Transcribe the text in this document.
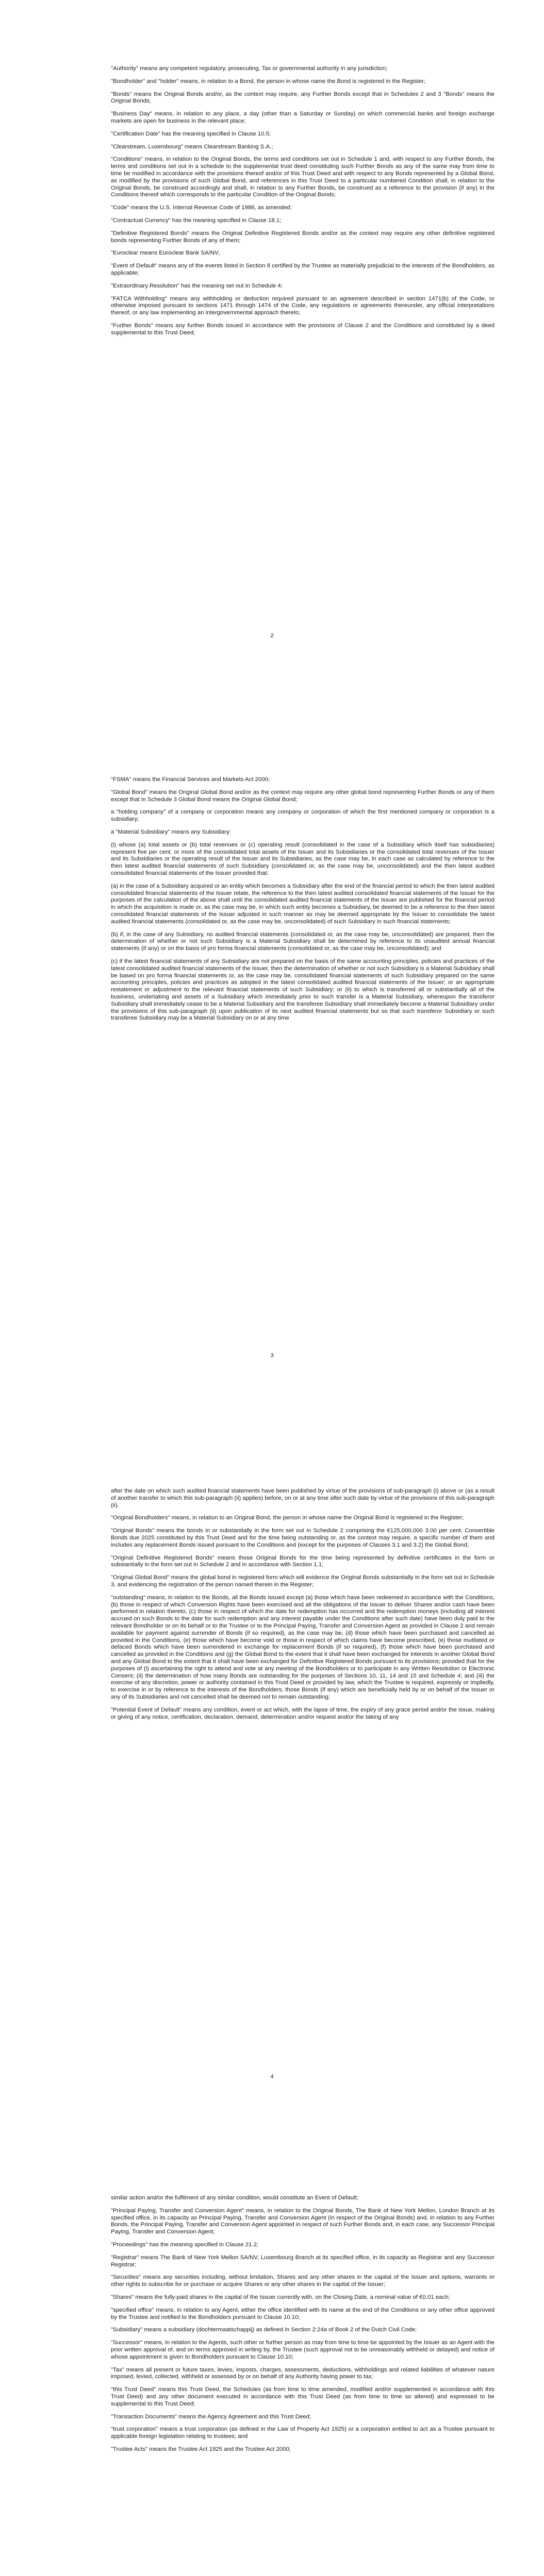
"Authority" means any competent regulatory, prosecuting, Tax or governmental authority in any jurisdiction;

"Bondholder" and "holder" means, in relation to a Bond, the person in whose name the Bond is registered in the Register;

"Bonds" means the Original Bonds and/or, as the context may require, any Further Bonds except that in Schedules 2 and 3 "Bonds" means the Original Bonds;

"Business Day" means, in relation to any place, a day (other than a Saturday or Sunday) on which commercial banks and foreign exchange markets are open for business in the relevant place;

"Certification Date" has the meaning specified in Clause 10.5;

"Clearstream, Luxembourg" means Clearstream Banking S.A.;

"Conditions" means, in relation to the Original Bonds, the terms and conditions set out in Schedule 1 and, with respect to any Further Bonds, the terms and conditions set out in a schedule to the supplemental trust deed constituting such Further Bonds as any of the same may from time to time be modified in accordance with the provisions thereof and/or of this Trust Deed and with respect to any Bonds represented by a Global Bond, as modified by the provisions of such Global Bond, and references in this Trust Deed to a particular numbered Condition shall, in relation to the Original Bonds, be construed accordingly and shall, in relation to any Further Bonds, be construed as a reference to the provision (if any) in the Conditions thereof which corresponds to the particular Condition of the Original Bonds;

"Code" means the U.S. Internal Revenue Code of 1986, as amended;

"Contractual Currency" has the meaning specified in Clause 18.1;

"Definitive Registered Bonds" means the Original Definitive Registered Bonds and/or as the context may require any other definitive registered bonds representing Further Bonds of any of them;

"Euroclear means Euroclear Bank SA/NV;

"Event of Default" means any of the events listed in Section 8 certified by the Trustee as materially prejudicial to the interests of the Bondholders, as applicable;

"Extraordinary Resolution" has the meaning set out in Schedule 4;

"FATCA Withholding" means any withholding or deduction required pursuant to an agreement described in section 1471(b) of the Code, or otherwise imposed pursuant to sections 1471 through 1474 of the Code, any regulations or agreements thereunder, any official interpretations thereof, or any law implementing an intergovernmental approach thereto;

"Further Bonds" means any further Bonds issued in accordance with the provisions of Clause 2 and the Conditions and constituted by a deed supplemental to this Trust Deed;

2

"FSMA" means the Financial Services and Markets Act 2000;

"Global Bond" means the Original Global Bond and/or as the context may require any other global bond representing Further Bonds or any of them except that in Schedule 3 Global Bond means the Original Global Bond;

a "holding company" of a company or corporation means any company or corporation of which the first mentioned company or corporation is a subsidiary;

a "Material Subsidiary" means any Subsidiary:

(i) whose (a) total assets or (b) total revenues or (c) operating result (consolidated in the case of a Subsidiary which itself has subsidiaries) represent five per cent. or more of the consolidated total assets of the Issuer and its Subsidiaries or the consolidated total revenues of the Issuer and its Subsidiaries or the operating result of the Issuer and its Subsidiaries, as the case may be, in each case as calculated by reference to the then latest audited financial statements of such Subsidiary (consolidated or, as the case may be, unconsolidated) and the then latest audited consolidated financial statements of the Issuer provided that:

(a) in the case of a Subsidiary acquired or an entity which becomes a Subsidiary after the end of the financial period to which the then latest audited consolidated financial statements of the Issuer relate, the reference to the then latest audited consolidated financial statements of the Issuer for the purposes of the calculation of the above shall until the consolidated audited financial statements of the Issuer are published for the financial period in which the acquisition is made or, as the case may be, in which such entity becomes a Subsidiary, be deemed to be a reference to the then latest consolidated financial statements of the Issuer adjusted in such manner as may be deemed appropriate by the Issuer to consolidate the latest audited financial statements (consolidated or, as the case may be, unconsolidated) of such Subsidiary in such financial statements;

(b) if, in the case of any Subsidiary, no audited financial statements (consolidated or, as the case may be, unconsolidated) are prepared, then the determination of whether or not such Subsidiary is a Material Subsidiary shall be determined by reference to its unaudited annual financial statements (if any) or on the basis of pro forma financial statements (consolidated or, as the case may be, unconsolidated); and

(c) if the latest financial statements of any Subsidiary are not prepared on the basis of the same accounting principles, policies and practices of the latest consolidated audited financial statements of the Issuer, then the determination of whether or not such Subsidiary is a Material Subsidiary shall be based on pro forma financial statements or, as the case may be, consolidated financial statements of such Subsidiary prepared on the same accounting principles, policies and practices as adopted in the latest consolidated audited financial statements of the Issuer; or an appropriate restatement or adjustment to the relevant financial statements of such Subsidiary; or (ii) to which is transferred all or substantially all of the business, undertaking and assets of a Subsidiary which immediately prior to such transfer is a Material Subsidiary, whereupon the transferor Subsidiary shall immediately cease to be a Material Subsidiary and the transferee Subsidiary shall immediately become a Material Subsidiary under the provisions of this sub-paragraph (ii) upon publication of its next audited financial statements but so that such transferor Subsidiary or such transferee Subsidiary may be a Material Subsidiary on or at any time

3

after the date on which such audited financial statements have been published by virtue of the provisions of sub-paragraph (i) above or (as a result of another transfer to which this sub-paragraph (ii) applies) before, on or at any time after such date by virtue of the provisions of this sub-paragraph (ii).

"Original Bondholders" means, in relation to an Original Bond, the person in whose name the Original Bond is registered in the Register;

"Original Bonds" means the bonds in or substantially in the form set out in Schedule 2 comprising the €125,000,000 3.00 per cent. Convertible Bonds due 2025 constituted by this Trust Deed and for the time being outstanding or, as the context may require, a specific number of them and includes any replacement Bonds issued pursuant to the Conditions and (except for the purposes of Clauses 3.1 and 3.2) the Global Bond;

"Original Definitive Registered Bonds" means those Original Bonds for the time being represented by definitive certificates in the form or substantially in the form set out in Schedule 2 and in accordance with Section 1.1;

"Original Global Bond" means the global bond in registered form which will evidence the Original Bonds substantially in the form set out in Schedule 3, and evidencing the registration of the person named therein in the Register;

"outstanding" means, in relation to the Bonds, all the Bonds issued except (a) those which have been redeemed in accordance with the Conditions, (b) those in respect of which Conversion Rights have been exercised and all the obligations of the Issuer to deliver Shares and/or cash have been performed in relation thereto, (c) those in respect of which the date for redemption has occurred and the redemption moneys (including all interest accrued on such Bonds to the date for such redemption and any interest payable under the Conditions after such date) have been duly paid to the relevant Bondholder or on its behalf or to the Trustee or to the Principal Paying, Transfer and Conversion Agent as provided in Clause 2 and remain available for payment against surrender of Bonds (if so required), as the case may be, (d) those which have been purchased and cancelled as provided in the Conditions, (e) those which have become void or those in respect of which claims have become prescribed, (e) those mutilated or defaced Bonds which have been surrendered in exchange for replacement Bonds (if so required), (f) those which have been purchased and cancelled as provided in the Conditions and (g) the Global Bond to the extent that it shall have been exchanged for interests in another Global Bond and any Global Bond to the extent that it shall have been exchanged for Definitive Registered Bonds pursuant to its provisions; provided that for the purposes of (i) ascertaining the right to attend and vote at any meeting of the Bondholders or to participate in any Written Resolution or Electronic Consent; (ii) the determination of how many Bonds are outstanding for the purposes of Sections 10, 11, 14 and 15 and Schedule 4; and (iii) the exercise of any discretion, power or authority contained in this Trust Deed or provided by law, which the Trustee is required, expressly or impliedly, to exercise in or by reference to the interests of the Bondholders, those Bonds (if any) which are beneficially held by or on behalf of the Issuer or any of its Subsidiaries and not cancelled shall be deemed not to remain outstanding;

"Potential Event of Default" means any condition, event or act which, with the lapse of time, the expiry of any grace period and/or the issue, making or giving of any notice, certification, declaration, demand, determination and/or request and/or the taking of any

4

similar action and/or the fulfilment of any similar condition, would constitute an Event of Default;

"Principal Paying, Transfer and Conversion Agent" means, in relation to the Original Bonds, The Bank of New York Mellon, London Branch at its specified office, in its capacity as Principal Paying, Transfer and Conversion Agent (in respect of the Original Bonds) and, in relation to any Further Bonds, the Principal Paying, Transfer and Conversion Agent appointed in respect of such Further Bonds and, in each case, any Successor Principal Paying, Transfer and Conversion Agent;

"Proceedings" has the meaning specified in Clause 21.2;

"Registrar" means The Bank of New York Mellon SA/NV, Luxembourg Branch at its specified office, in its capacity as Registrar and any Successor Registrar;

"Securities" means any securities including, without limitation, Shares and any other shares in the capital of the Issuer and options, warrants or other rights to subscribe for or purchase or acquire Shares or any other shares in the capital of the Issuer;

"Shares" means the fully-paid shares in the capital of the Issuer currently with, on the Closing Date, a nominal value of €0.01 each;

"specified office" means, in relation to any Agent, either the office identified with its name at the end of the Conditions or any other office approved by the Trustee and notified to the Bondholders pursuant to Clause 10.10;

"Subsidiary" means a subsidiary (dochtermaatschappij) as defined in Section 2:24a of Book 2 of the Dutch Civil Code;

"Successor" means, in relation to the Agents, such other or further person as may from time to time be appointed by the Issuer as an Agent with the prior written approval of, and on terms approved in writing by, the Trustee (such approval not to be unreasonably withheld or delayed) and notice of whose appointment is given to Bondholders pursuant to Clause 10.10;

"Tax" means all present or future taxes, levies, imposts, charges, assessments, deductions, withholdings and related liabilities of whatever nature imposed, levied, collected, withheld or assessed by or on behalf of any Authority having power to tax;

"this Trust Deed" means this Trust Deed, the Schedules (as from time to time amended, modified and/or supplemented in accordance with this Trust Deed) and any other document executed in accordance with this Trust Deed (as from time to time so altered) and expressed to be supplemental to this Trust Deed;

"Transaction Documents" means the Agency Agreement and this Trust Deed;

"trust corporation" means a trust corporation (as defined in the Law of Property Act 1925) or a corporation entitled to act as a Trustee pursuant to applicable foreign legislation relating to trustees; and

"Trustee Acts" means the Trustee Act 1925 and the Trustee Act 2000;
